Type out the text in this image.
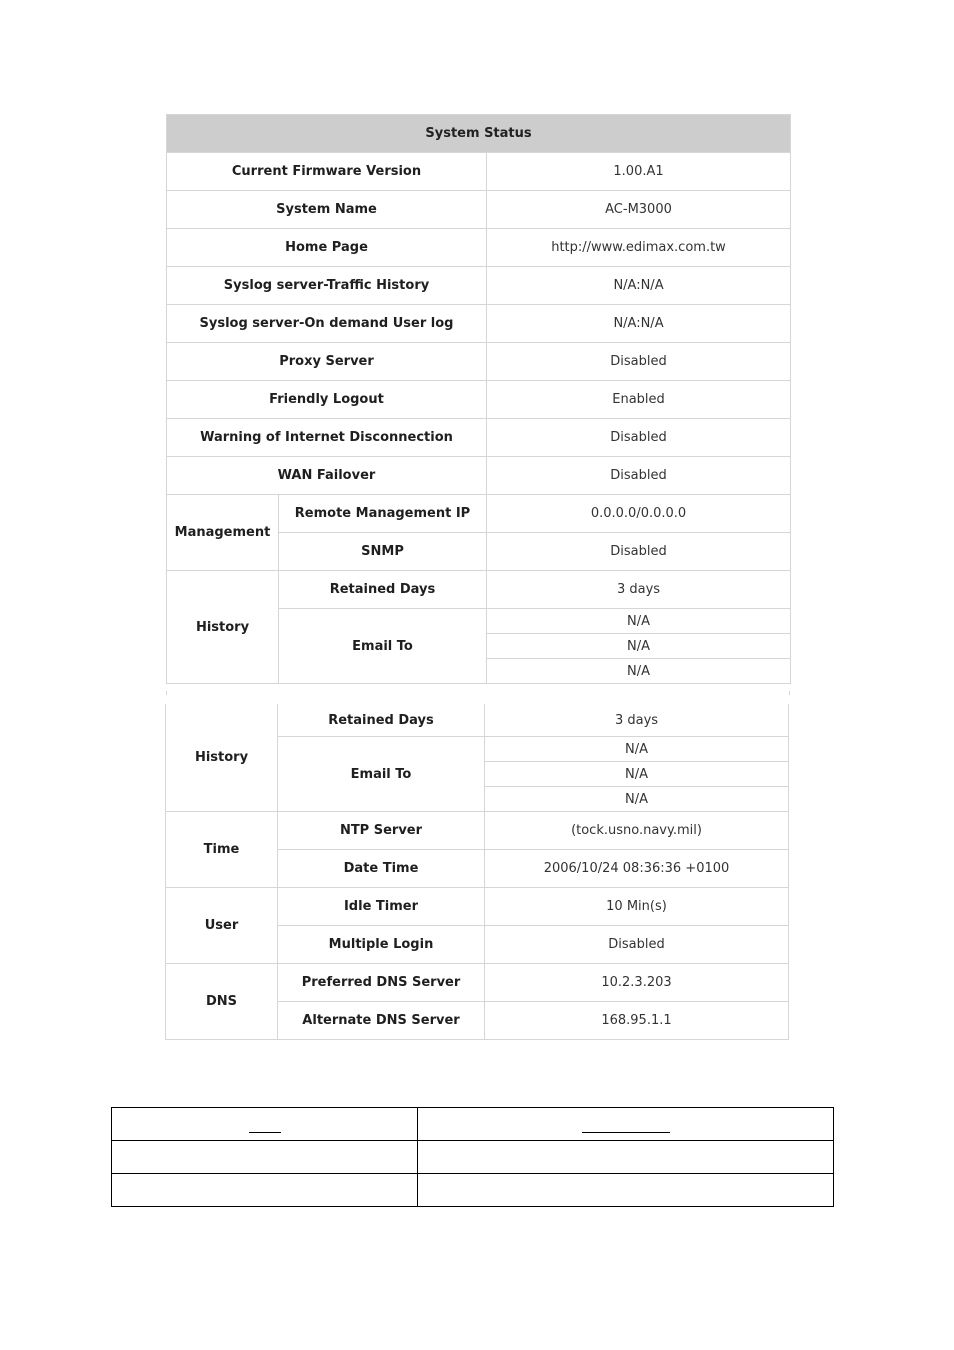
System Status		
Current Firmware Version		1.00.A1
System Name		AC-M3000
Home Page		http://www.edimax.com.tw
Syslog server-Traffic History		N/A:N/A
Syslog server-On demand User log		N/A:N/A
Proxy Server		Disabled
Friendly Logout		Enabled
Warning of Internet Disconnection		Disabled
WAN Failover		Disabled
Management	Remote Management IP	0.0.0.0/0.0.0.0
	SNMP	Disabled
History	Retained Days	3 days
	Email To	N/A
		N/A
		N/A
History	Retained Days	3 days
	Email To	N/A
		N/A
		N/A
Time	NTP Server	(tock.usno.navy.mil)
	Date Time	2006/10/24 08:36:36 +0100
User	Idle Timer	10 Min(s)
	Multiple Login	Disabled
DNS	Preferred DNS Server	10.2.3.203
	Alternate DNS Server	168.95.1.1
